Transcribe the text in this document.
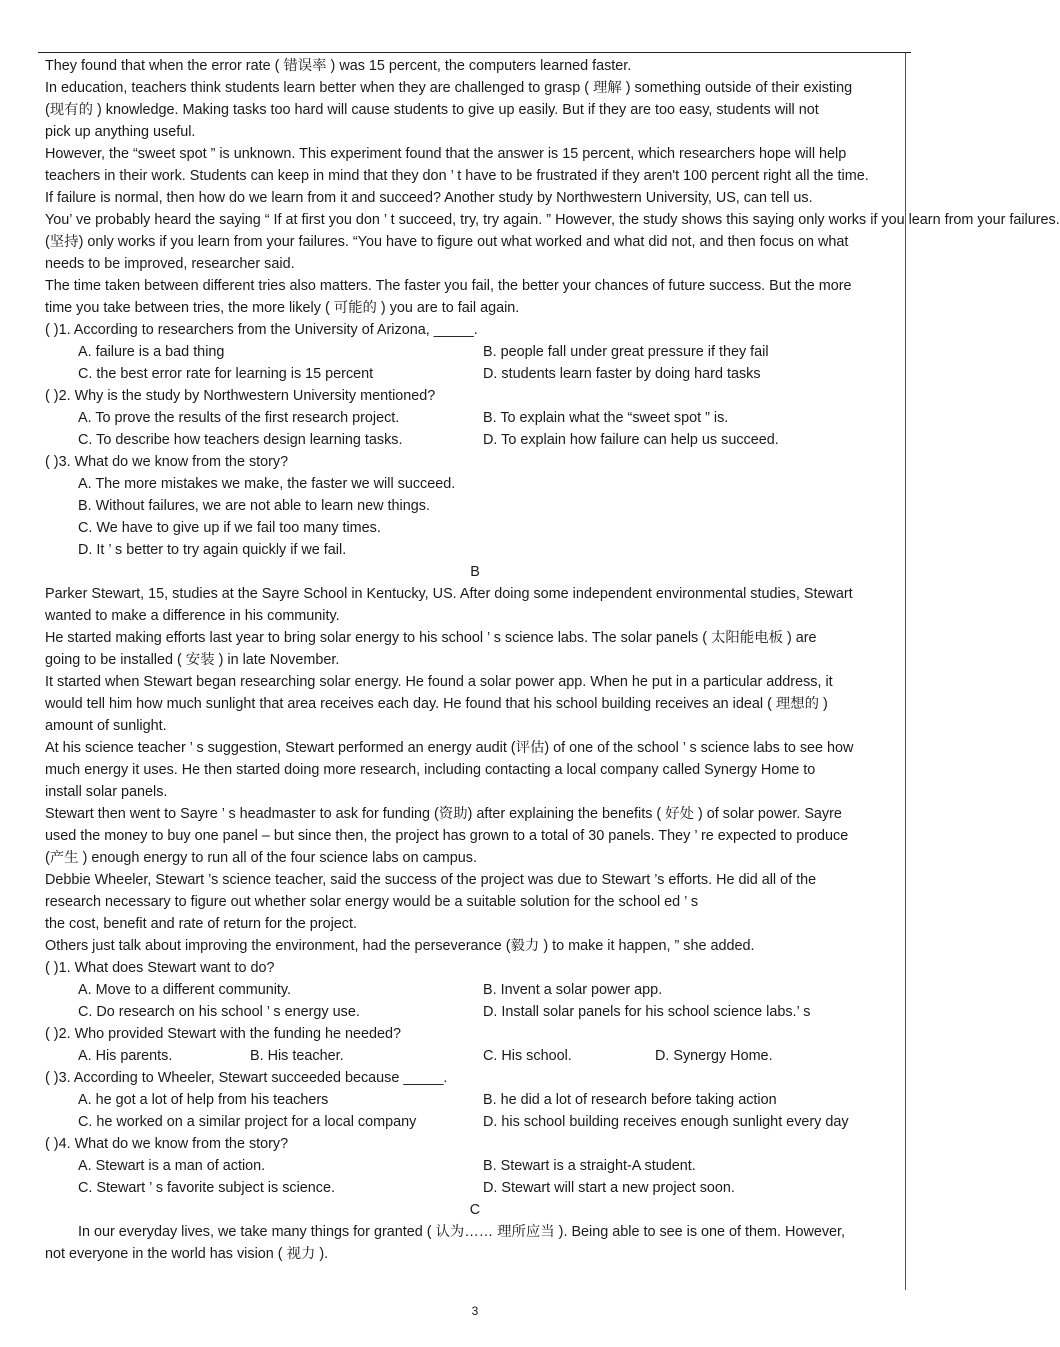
They found that when the error rate ( 错误率 ) was 15 percent, the computers learned faster.
In education, teachers think students learn better when they are challenged to grasp ( 理解 ) something outside of their existing
(现有的 ) knowledge. Making tasks too hard will cause students to give up easily. But if they are too easy, students will not
pick up anything useful.
However, the “sweet spot ” is unknown. This experiment found that the answer is 15 percent, which researchers hope will help
teachers in their work. Students can keep in mind that they don ’ t have to be frustrated if they aren't 100 percent right all the time.
If failure is normal, then how do we learn from it and succeed? Another study by Northwestern University, US, can tell us.
You’ ve probably heard the saying “ If at first you don ’ t succeed, try, try again. ” However, the study shows this saying only works if you learn from your failures.
(坚持) only works if you learn from your failures. “You have to figure out what worked and what did not, and then focus on what
needs to be improved, researcher said.
The time taken between different tries also matters. The faster you fail, the better your chances of future success. But the more
time you take between tries, the more likely ( 可能的 ) you are to fail again.
( )1. According to researchers from the University of Arizona, _____.
A. failure is a bad thing	B. people fall under great pressure if they fail
C. the best error rate for learning is 15 percent	D. students learn faster by doing hard tasks
( )2. Why is the study by Northwestern University mentioned?
A. To prove the results of the first research project.	B. To explain what the “sweet spot ” is.
C. To describe how teachers design learning tasks.	D. To explain how failure can help us succeed.
( )3. What do we know from the story?
A. The more mistakes we make, the faster we will succeed.
B. Without failures, we are not able to learn new things.
C. We have to give up if we fail too many times.
D. It ’ s better to try again quickly if we fail.
B
Parker Stewart, 15, studies at the Sayre School in Kentucky, US. After doing some independent environmental studies, Stewart
wanted to make a difference in his community.
He started making efforts last year to bring solar energy to his school ’ s science labs. The solar panels ( 太阳能电板 ) are
going to be installed ( 安装 ) in late November.
It started when Stewart began researching solar energy. He found a solar power app. When he put in a particular address, it
would tell him how much sunlight that area receives each day. He found that his school building receives an ideal ( 理想的 )
amount of sunlight.
At his science teacher ’ s suggestion, Stewart performed an energy audit (评估) of one of the school ’ s science labs to see how
much energy it uses. He then started doing more research, including contacting a local company called Synergy Home to
install solar panels.
Stewart then went to Sayre ’ s headmaster to ask for funding (资助) after explaining the benefits ( 好处 ) of solar power. Sayre
used the money to buy one panel – but since then, the project has grown to a total of 30 panels. They ’ re expected to produce
(产生 ) enough energy to run all of the four science labs on campus.
Debbie Wheeler, Stewart ’s science teacher, said the success of the project was due to Stewart ’s efforts. He did all of the
research necessary to figure out whether solar energy would be a suitable solution for the school ed ’ s
the cost, benefit and rate of return for the project.
Others just talk about improving the environment, had the perseverance (毅力 ) to make it happen, ” she added.
( )1. What does Stewart want to do?
A. Move to a different community.	B. Invent a solar power app.
C. Do research on his school ’ s energy use.	D. Install solar panels for his school science labs.’ s
( )2. Who provided Stewart with the funding he needed?
A. His parents.	B. His teacher.	C. His school.	D. Synergy Home.
( )3. According to Wheeler, Stewart succeeded because _____.
A. he got a lot of help from his teachers	B. he did a lot of research before taking action
C. he worked on a similar project for a local company	D. his school building receives enough sunlight every day
( )4. What do we know from the story?
A. Stewart is a man of action.	B. Stewart is a straight-A student.
C. Stewart ’ s favorite subject is science.	D. Stewart will start a new project soon.
C
In our everyday lives, we take many things for granted ( 认为…… 理所应当 ). Being able to see is one of them. However,
not everyone in the world has vision ( 视力 ).
3
